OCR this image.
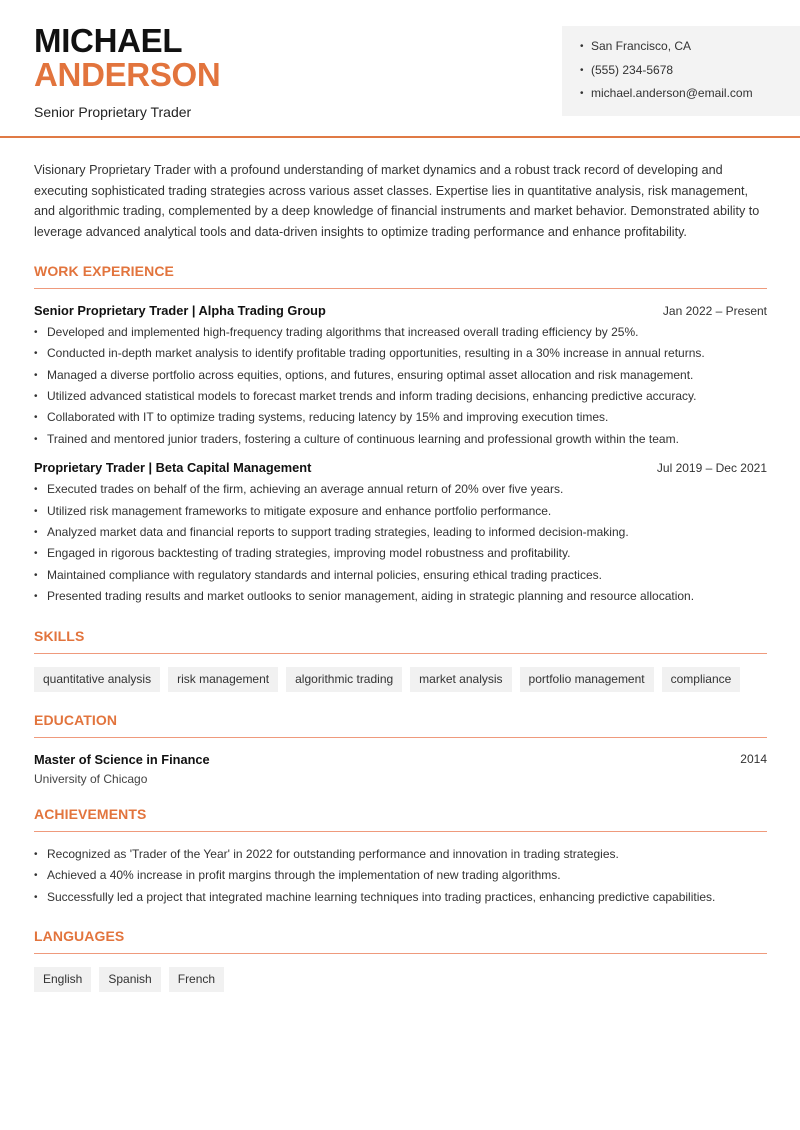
MICHAEL
ANDERSON
Senior Proprietary Trader
• San Francisco, CA
• (555) 234-5678
• michael.anderson@email.com

Visionary Proprietary Trader with a profound understanding of market dynamics and a robust track record of developing and executing sophisticated trading strategies across various asset classes. Expertise lies in quantitative analysis, risk management, and algorithmic trading, complemented by a deep knowledge of financial instruments and market behavior. Demonstrated ability to leverage advanced analytical tools and data-driven insights to optimize trading performance and enhance profitability.

WORK EXPERIENCE
Senior Proprietary Trader | Alpha Trading Group	Jan 2022 – Present
• Developed and implemented high-frequency trading algorithms that increased overall trading efficiency by 25%.
• Conducted in-depth market analysis to identify profitable trading opportunities, resulting in a 30% increase in annual returns.
• Managed a diverse portfolio across equities, options, and futures, ensuring optimal asset allocation and risk management.
• Utilized advanced statistical models to forecast market trends and inform trading decisions, enhancing predictive accuracy.
• Collaborated with IT to optimize trading systems, reducing latency by 15% and improving execution times.
• Trained and mentored junior traders, fostering a culture of continuous learning and professional growth within the team.
Proprietary Trader | Beta Capital Management	Jul 2019 – Dec 2021
• Executed trades on behalf of the firm, achieving an average annual return of 20% over five years.
• Utilized risk management frameworks to mitigate exposure and enhance portfolio performance.
• Analyzed market data and financial reports to support trading strategies, leading to informed decision-making.
• Engaged in rigorous backtesting of trading strategies, improving model robustness and profitability.
• Maintained compliance with regulatory standards and internal policies, ensuring ethical trading practices.
• Presented trading results and market outlooks to senior management, aiding in strategic planning and resource allocation.
SKILLS
quantitative analysis	risk management	algorithmic trading	market analysis	portfolio management	compliance
EDUCATION
Master of Science in Finance	2014
University of Chicago
ACHIEVEMENTS
• Recognized as 'Trader of the Year' in 2022 for outstanding performance and innovation in trading strategies.
• Achieved a 40% increase in profit margins through the implementation of new trading algorithms.
• Successfully led a project that integrated machine learning techniques into trading practices, enhancing predictive capabilities.
LANGUAGES
English	Spanish	French
